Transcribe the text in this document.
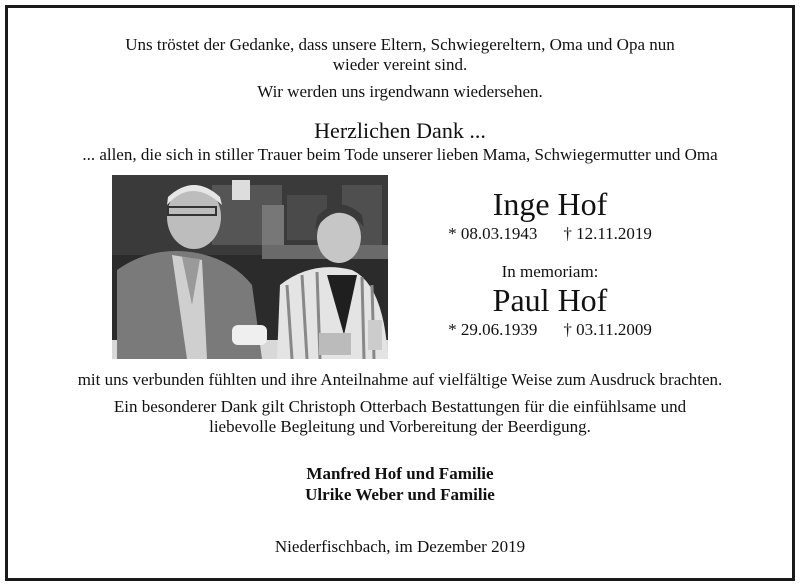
Uns tröstet der Gedanke, dass unsere Eltern, Schwiegereltern, Oma und Opa nun
wieder vereint sind.
Wir werden uns irgendwann wiedersehen.
Herzlichen Dank ...
... allen, die sich in stiller Trauer beim Tode unserer lieben Mama, Schwiegermutter und Oma
Inge Hof
* 08.03.1943 † 12.11.2019
In memoriam:
Paul Hof
* 29.06.1939 † 03.11.2009
mit uns verbunden fühlten und ihre Anteilnahme auf vielfältige Weise zum Ausdruck brachten.
Ein besonderer Dank gilt Christoph Otterbach Bestattungen für die einfühlsame und
liebevolle Begleitung und Vorbereitung der Beerdigung.
Manfred Hof und Familie
Ulrike Weber und Familie
Niederfischbach, im Dezember 2019
